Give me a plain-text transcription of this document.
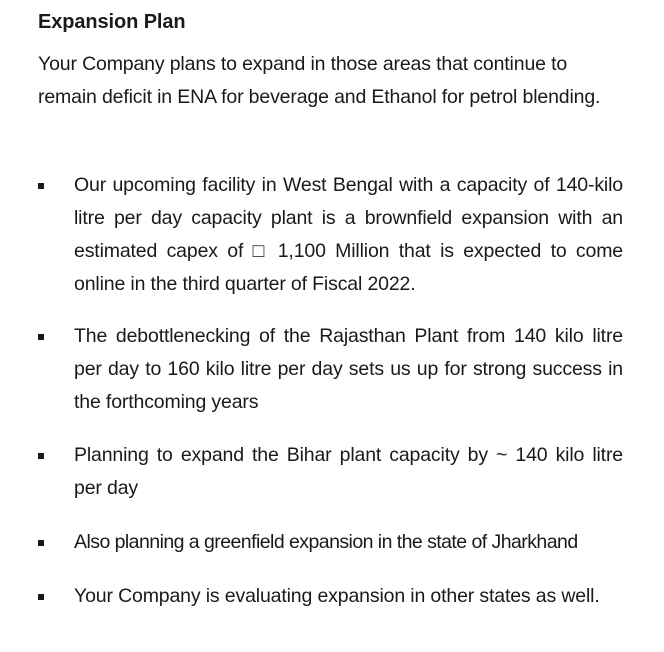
Expansion Plan

Your Company plans to expand in those areas that continue to remain deficit in ENA for beverage and Ethanol for petrol blending.

Our upcoming facility in West Bengal with a capacity of 140-kilo litre per day capacity plant is a brownfield expansion with an estimated capex of □ 1,100 Million that is expected to come online in the third quarter of Fiscal 2022.
The debottlenecking of the Rajasthan Plant from 140 kilo litre per day to 160 kilo litre per day sets us up for strong success in the forthcoming years
Planning to expand the Bihar plant capacity by ~ 140 kilo litre per day
Also planning a greenfield expansion in the state of Jharkhand
Your Company is evaluating expansion in other states as well.
